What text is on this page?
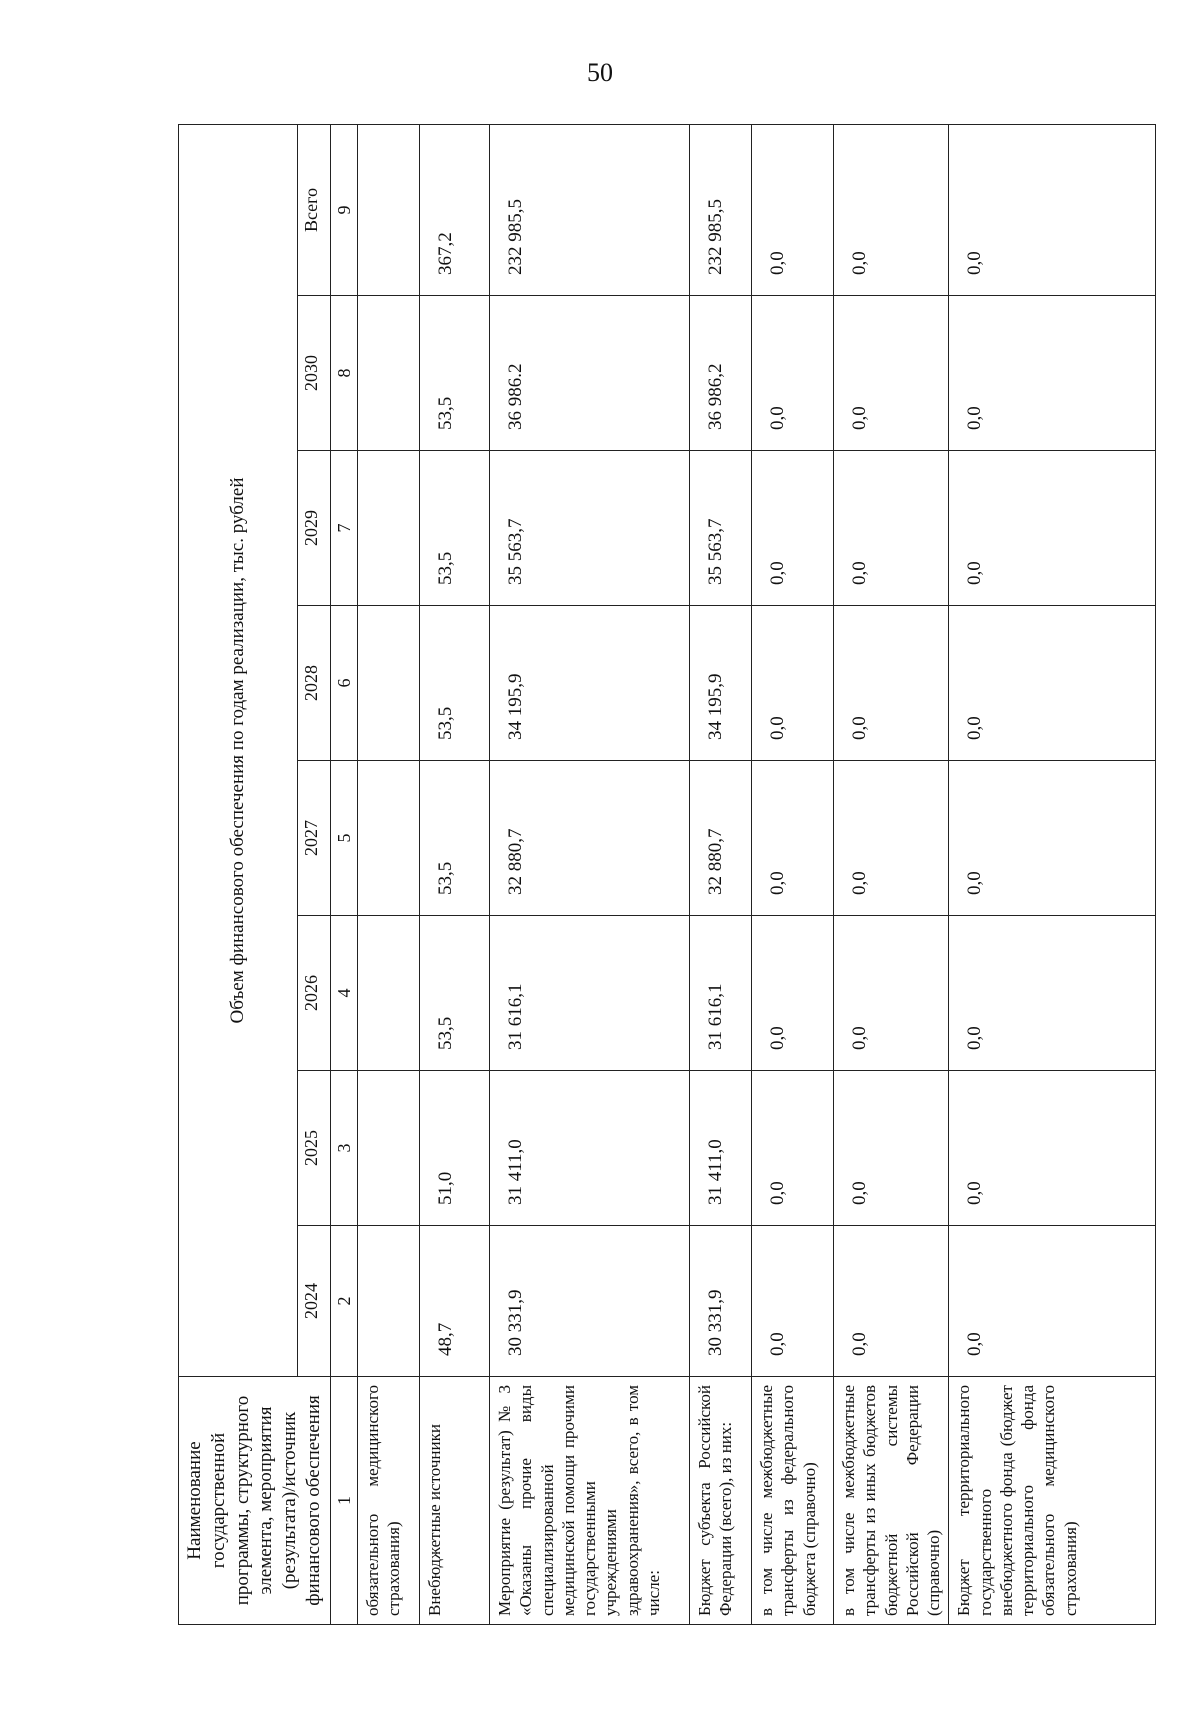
50
Наименование государственной программы, структурного элемента, мероприятия (результата)/источник финансового обеспечения	Объем финансового обеспечения по годам реализации, тыс. рублей							
	2024	2025	2026	2027	2028	2029	2030	Всего
1	2	3	4	5	6	7	8	9
обязательного медицинского страхования)								
Внебюджетные источники	48,7	51,0	53,5	53,5	53,5	53,5	53,5	367,2
Мероприятие (результат) № 3 «Оказаны прочие виды специализированной медицинской помощи прочими государственными учреждениями здравоохранения», всего, в том числе:	30 331,9	31 411,0	31 616,1	32 880,7	34 195,9	35 563,7	36 986.2	232 985,5
Бюджет субъекта Российской Федерации (всего), из них:	30 331,9	31 411,0	31 616,1	32 880,7	34 195,9	35 563,7	36 986,2	232 985,5
в том числе межбюджетные трансферты из федерального бюджета (справочно)	0,0	0,0	0,0	0,0	0,0	0,0	0,0	0,0
в том числе межбюджетные трансферты из иных бюджетов бюджетной системы Российской Федерации (справочно)	0,0	0,0	0,0	0,0	0,0	0,0	0,0	0,0
Бюджет территориального государственного внебюджетного фонда (бюджет территориального фонда обязательного медицинского страхования)	0,0	0,0	0,0	0,0	0,0	0,0	0,0	0,0
